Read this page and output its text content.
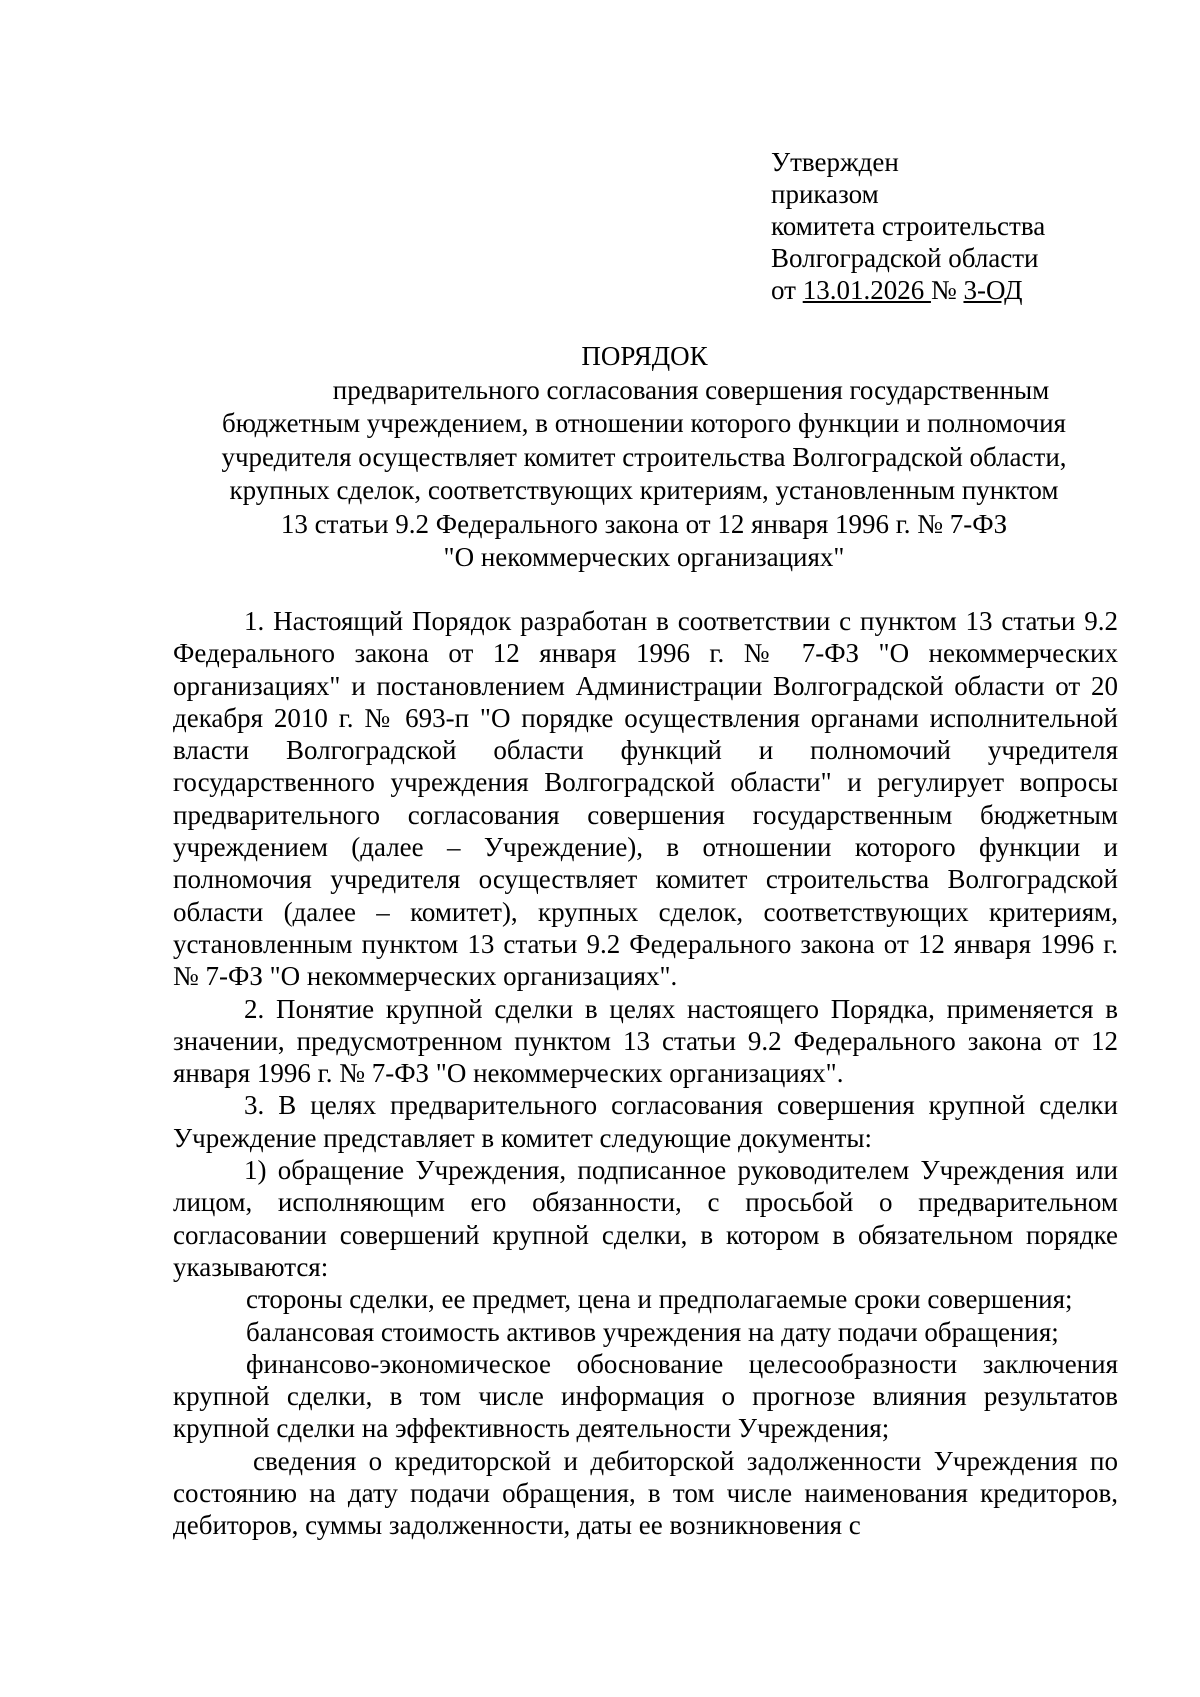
Утвержден
приказом
комитета строительства
Волгоградской области
от 13.01.2026 № 3-ОД
ПОРЯДОК
предварительного согласования совершения государственным
бюджетным учреждением, в отношении которого функции и полномочия
учредителя осуществляет комитет строительства Волгоградской области,
крупных сделок, соответствующих критериям, установленным пунктом
13 статьи 9.2 Федерального закона от 12 января 1996 г. № 7-ФЗ
"О некоммерческих организациях"

1. Настоящий Порядок разработан в соответствии с пунктом 13 статьи 9.2 Федерального закона от 12 января 1996 г. № 7-ФЗ "О некоммерческих организациях" и постановлением Администрации Волгоградской области от 20 декабря 2010 г. № 693-п "О порядке осуществления органами исполнительной власти Волгоградской области функций и полномочий учредителя государственного учреждения Волгоградской области" и регулирует вопросы предварительного согласования совершения государственным бюджетным учреждением (далее – Учреждение), в отношении которого функции и полномочия учредителя осуществляет комитет строительства Волгоградской области (далее – комитет), крупных сделок, соответствующих критериям, установленным пунктом 13 статьи 9.2 Федерального закона от 12 января 1996 г. № 7-ФЗ "О некоммерческих организациях".

2. Понятие крупной сделки в целях настоящего Порядка, применяется в значении, предусмотренном пунктом 13 статьи 9.2 Федерального закона от 12 января 1996 г. № 7-ФЗ "О некоммерческих организациях".

3. В целях предварительного согласования совершения крупной сделки Учреждение представляет в комитет следующие документы:

1) обращение Учреждения, подписанное руководителем Учреждения или лицом, исполняющим его обязанности, с просьбой о предварительном согласовании совершений крупной сделки, в котором в обязательном порядке указываются:

стороны сделки, ее предмет, цена и предполагаемые сроки совершения;

балансовая стоимость активов учреждения на дату подачи обращения;

финансово-экономическое обоснование целесообразности заключения крупной сделки, в том числе информация о прогнозе влияния результатов крупной сделки на эффективность деятельности Учреждения;

сведения о кредиторской и дебиторской задолженности Учреждения по состоянию на дату подачи обращения, в том числе наименования кредиторов, дебиторов, суммы задолженности, даты ее возникновения с
